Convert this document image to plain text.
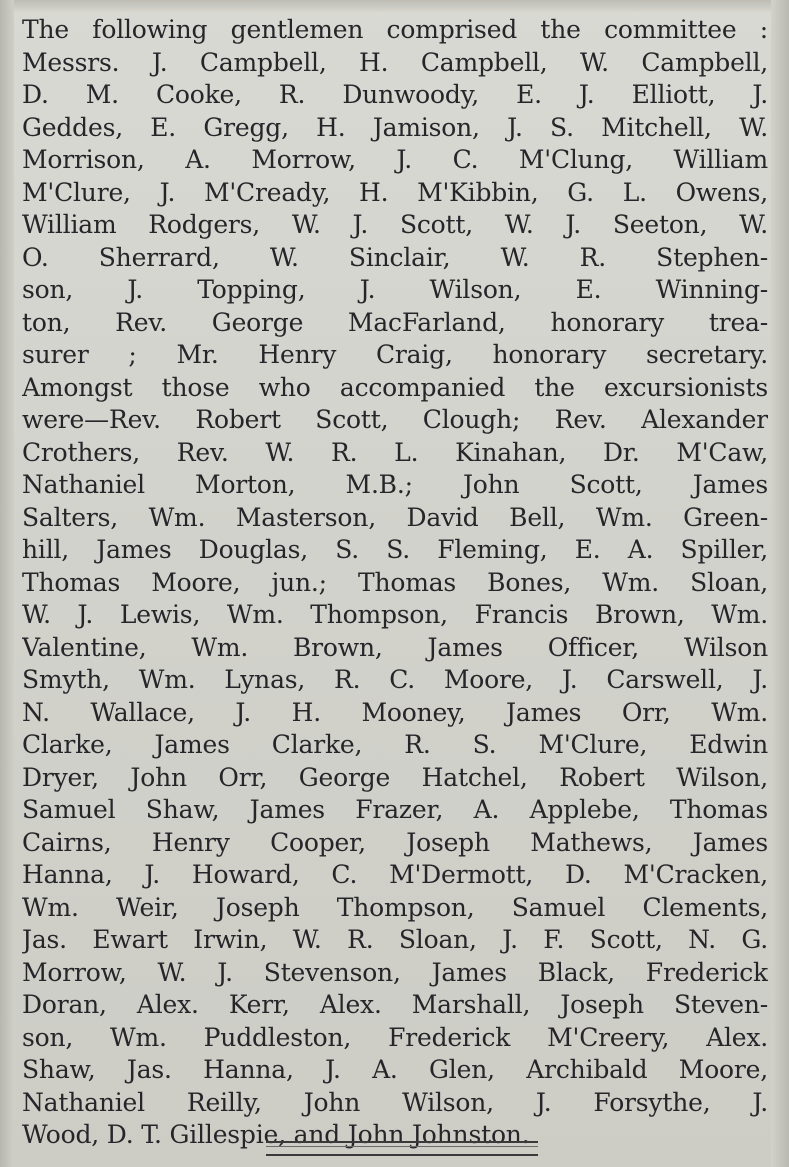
The following gentlemen comprised the committee :
Messrs. J. Campbell, H. Campbell, W. Campbell,
D. M. Cooke, R. Dunwoody, E. J. Elliott, J.
Geddes, E. Gregg, H. Jamison, J. S. Mitchell, W.
Morrison, A. Morrow, J. C. M'Clung, William
M'Clure, J. M'Cready, H. M'Kibbin, G. L. Owens,
William Rodgers, W. J. Scott, W. J. Seeton, W.
O. Sherrard, W. Sinclair, W. R. Stephen-
son, J. Topping, J. Wilson, E. Winning-
ton, Rev. George MacFarland, honorary trea-
surer ; Mr. Henry Craig, honorary secretary.
Amongst those who accompanied the excursionists
were—Rev. Robert Scott, Clough; Rev. Alexander
Crothers, Rev. W. R. L. Kinahan, Dr. M'Caw,
Nathaniel Morton, M.B.; John Scott, James
Salters, Wm. Masterson, David Bell, Wm. Green-
hill, James Douglas, S. S. Fleming, E. A. Spiller,
Thomas Moore, jun.; Thomas Bones, Wm. Sloan,
W. J. Lewis, Wm. Thompson, Francis Brown, Wm.
Valentine, Wm. Brown, James Officer, Wilson
Smyth, Wm. Lynas, R. C. Moore, J. Carswell, J.
N. Wallace, J. H. Mooney, James Orr, Wm.
Clarke, James Clarke, R. S. M'Clure, Edwin
Dryer, John Orr, George Hatchel, Robert Wilson,
Samuel Shaw, James Frazer, A. Applebe, Thomas
Cairns, Henry Cooper, Joseph Mathews, James
Hanna, J. Howard, C. M'Dermott, D. M'Cracken,
Wm. Weir, Joseph Thompson, Samuel Clements,
Jas. Ewart Irwin, W. R. Sloan, J. F. Scott, N. G.
Morrow, W. J. Stevenson, James Black, Frederick
Doran, Alex. Kerr, Alex. Marshall, Joseph Steven-
son, Wm. Puddleston, Frederick M'Creery, Alex.
Shaw, Jas. Hanna, J. A. Glen, Archibald Moore,
Nathaniel Reilly, John Wilson, J. Forsythe, J.
Wood, D. T. Gillespie, and John Johnston.
